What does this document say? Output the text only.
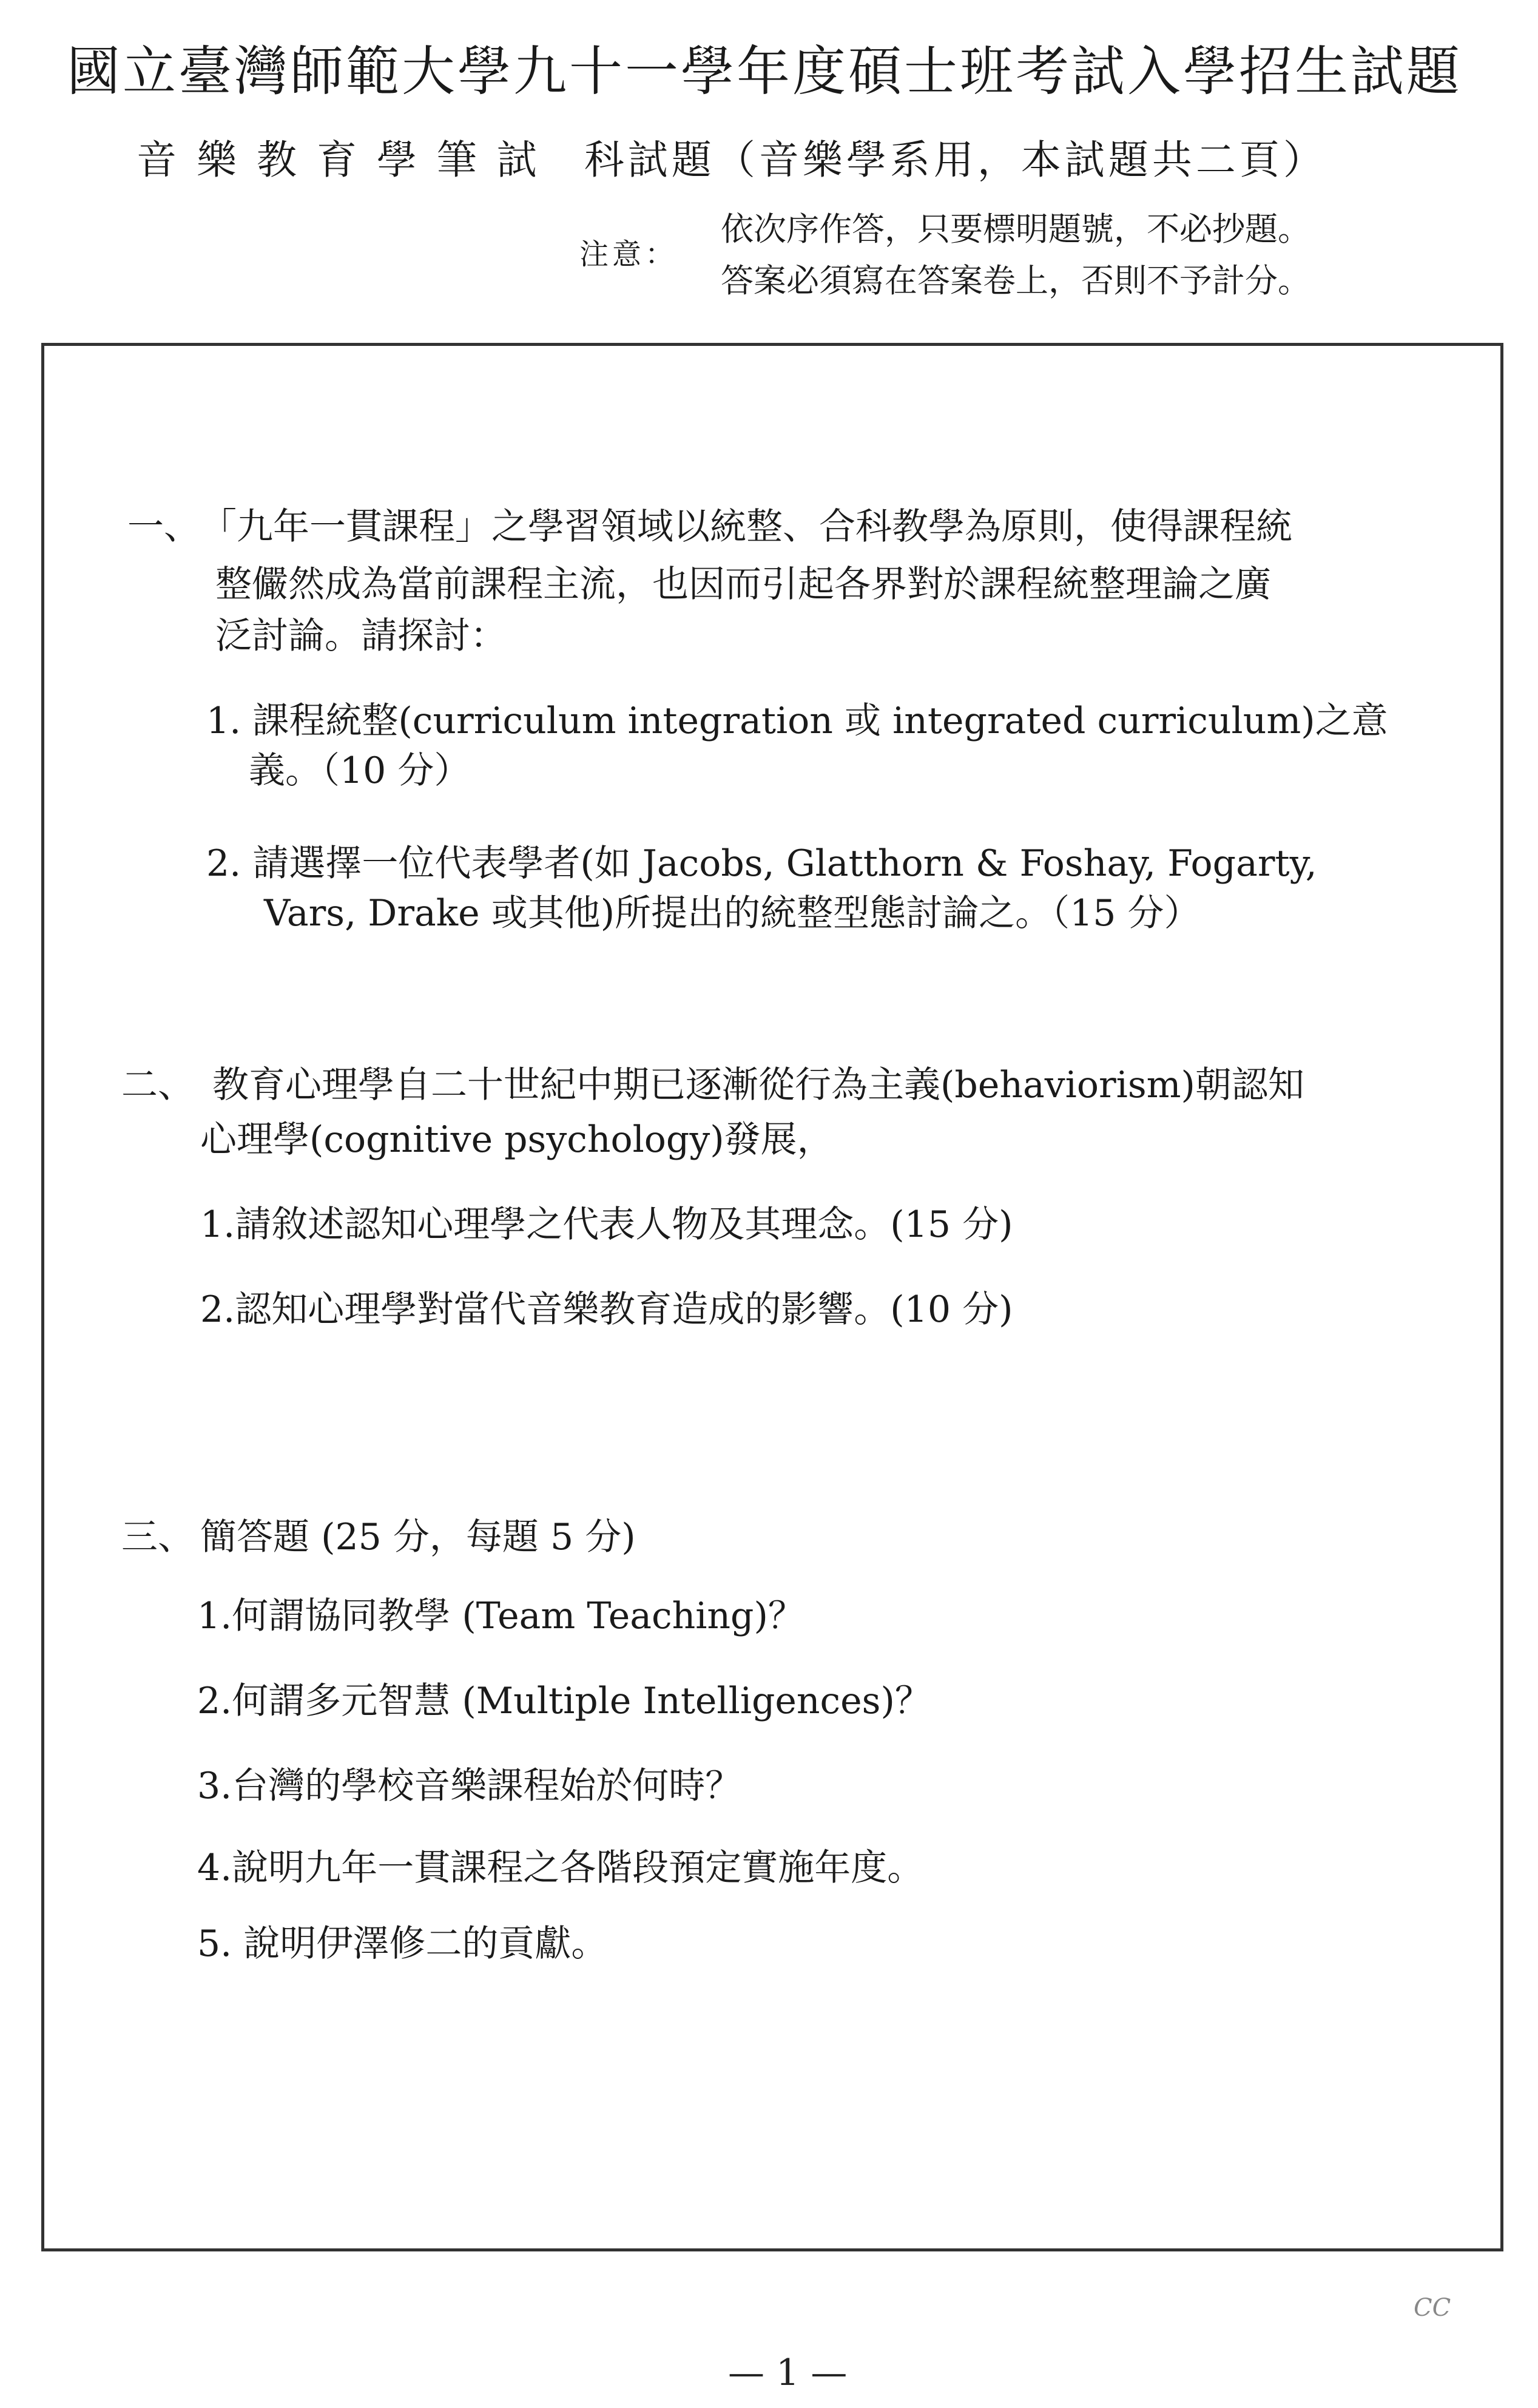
國立臺灣師範大學九十一學年度碩士班考試入學招生試題
音 樂 教 育 學 筆 試　科試題（音樂學系用，本試題共二頁）
注意：
依次序作答，只要標明題號，不必抄題。
答案必須寫在答案卷上，否則不予計分。
一、 「九年一貫課程」之學習領域以統整、合科教學為原則，使得課程統
整儼然成為當前課程主流，也因而引起各界對於課程統整理論之廣
泛討論。請探討：
1. 課程統整(curriculum integration 或 integrated curriculum)之意
義。（10 分）
2. 請選擇一位代表學者(如 Jacobs, Glatthorn & Foshay, Fogarty,
Vars, Drake 或其他)所提出的統整型態討論之。（15 分）
二、 教育心理學自二十世紀中期已逐漸從行為主義(behaviorism)朝認知
心理學(cognitive psychology)發展，
1.請敘述認知心理學之代表人物及其理念。(15 分)
2.認知心理學對當代音樂教育造成的影響。(10 分)
三、 簡答題 (25 分，每題 5 分)
1.何謂協同教學 (Team Teaching)？
2.何謂多元智慧 (Multiple Intelligences)？
3.台灣的學校音樂課程始於何時？
4.說明九年一貫課程之各階段預定實施年度。
5. 說明伊澤修二的貢獻。
— 1 —
CC
